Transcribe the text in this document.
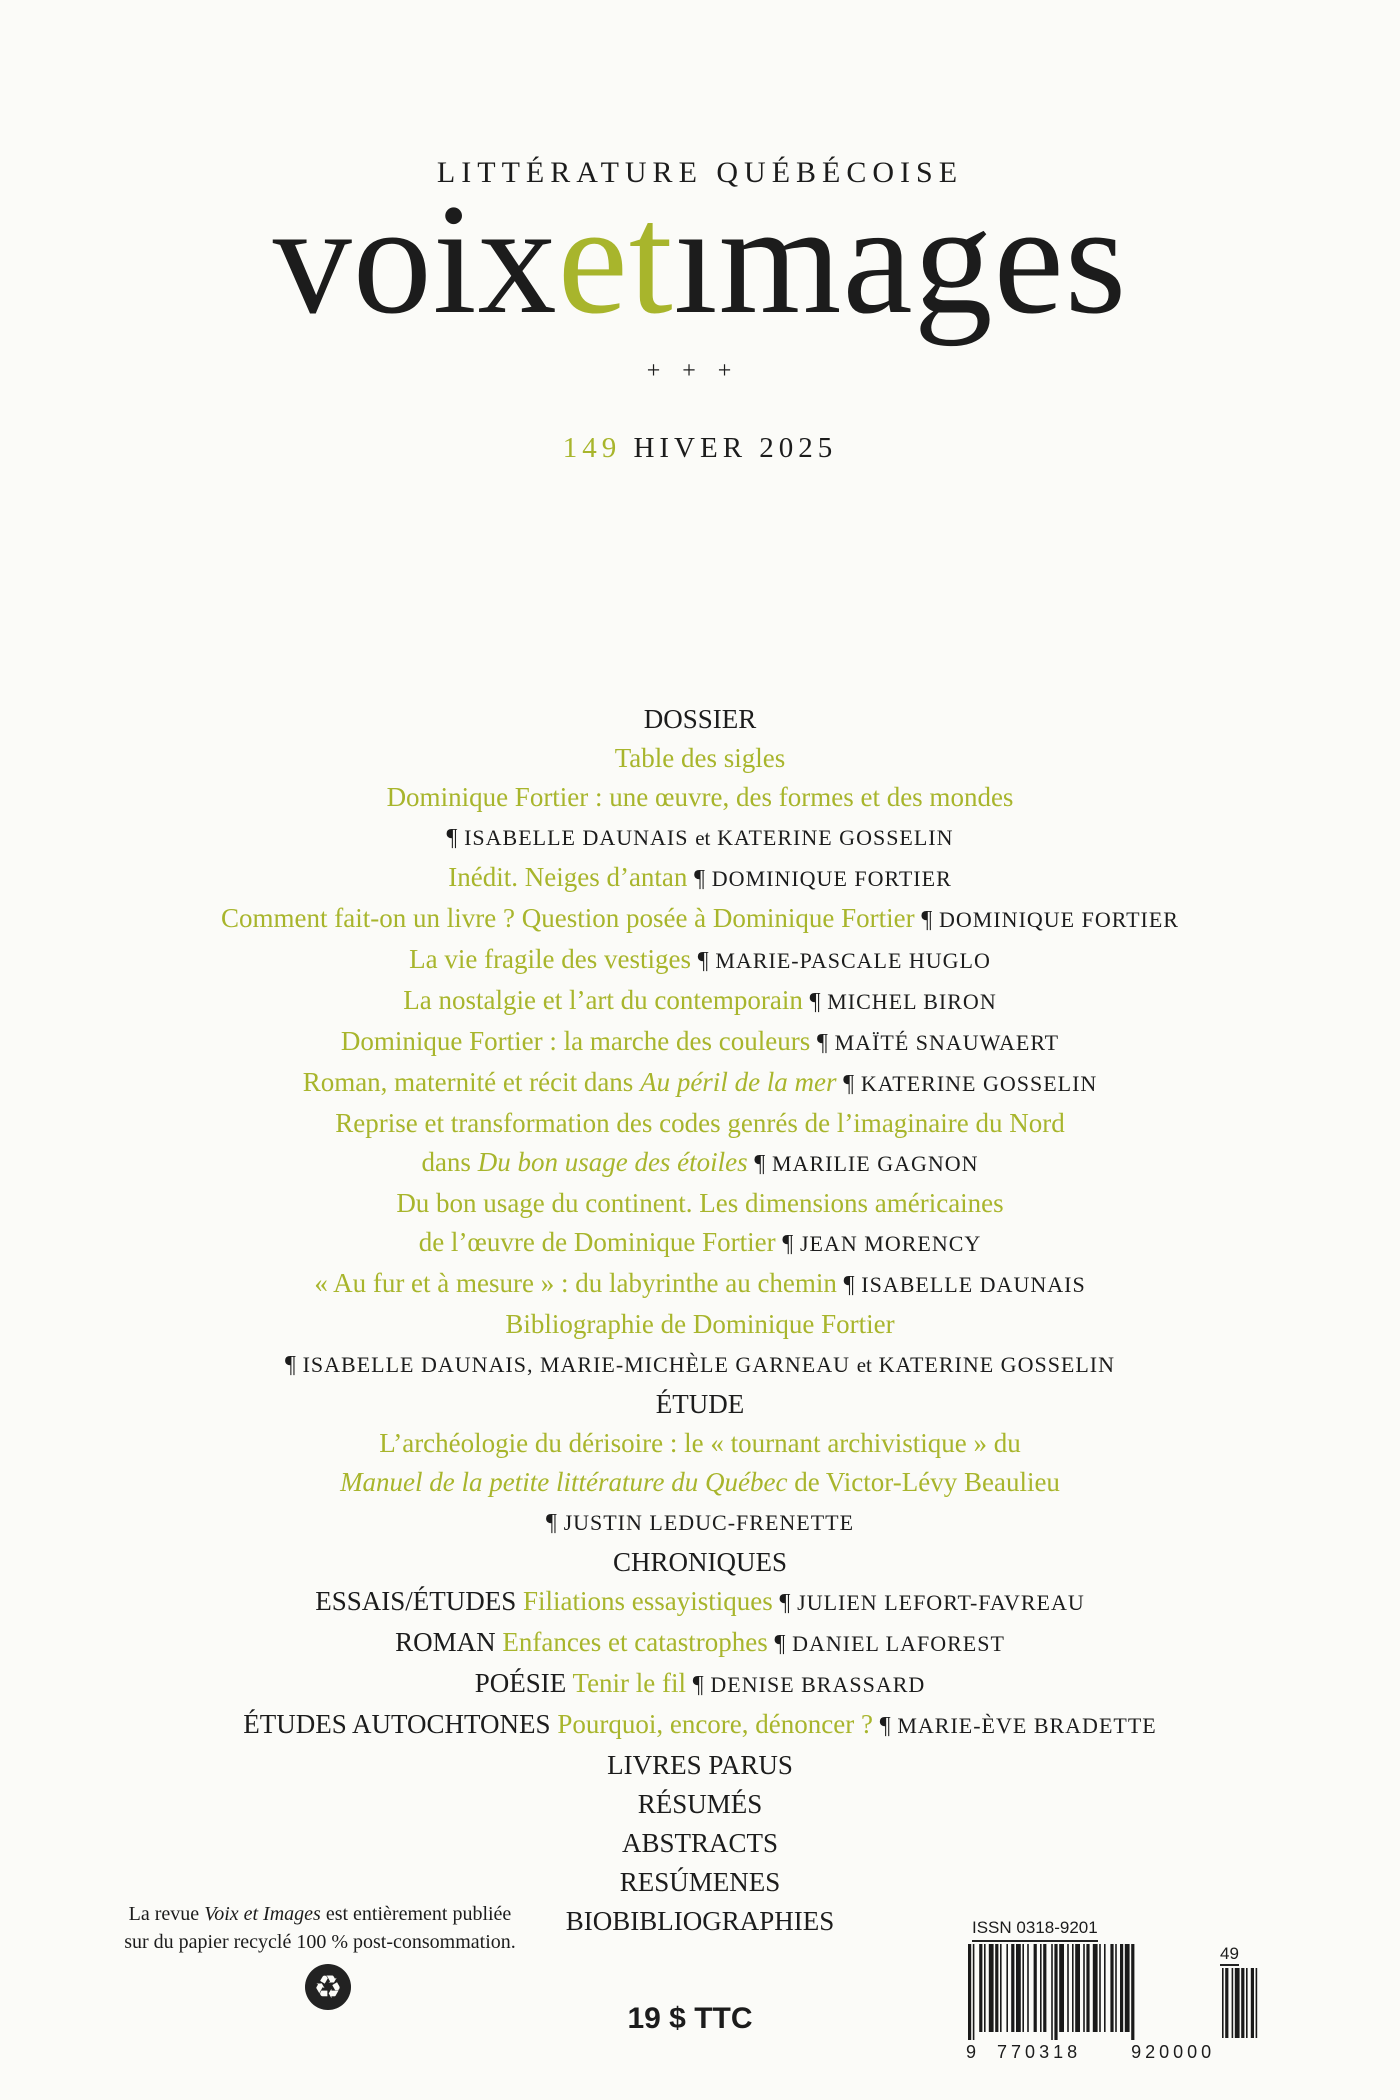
LITTÉRATURE QUÉBÉCOISE
voixetımages
+++
149 HIVER 2025
DOSSIER
Table des sigles
Dominique Fortier : une œuvre, des formes et des mondes
¶ ISABELLE DAUNAIS et KATERINE GOSSELIN
Inédit. Neiges d’antan ¶ DOMINIQUE FORTIER
Comment fait-on un livre ? Question posée à Dominique Fortier ¶ DOMINIQUE FORTIER
La vie fragile des vestiges ¶ MARIE-PASCALE HUGLO
La nostalgie et l’art du contemporain ¶ MICHEL BIRON
Dominique Fortier : la marche des couleurs ¶ MAÏTÉ SNAUWAERT
Roman, maternité et récit dans Au péril de la mer ¶ KATERINE GOSSELIN
Reprise et transformation des codes genrés de l’imaginaire du Nord
dans Du bon usage des étoiles ¶ MARILIE GAGNON
Du bon usage du continent. Les dimensions américaines
de l’œuvre de Dominique Fortier ¶ JEAN MORENCY
« Au fur et à mesure » : du labyrinthe au chemin ¶ ISABELLE DAUNAIS
Bibliographie de Dominique Fortier
¶ ISABELLE DAUNAIS, MARIE-MICHÈLE GARNEAU et KATERINE GOSSELIN
ÉTUDE
L’archéologie du dérisoire : le « tournant archivistique » du
Manuel de la petite littérature du Québec de Victor-Lévy Beaulieu
¶ JUSTIN LEDUC-FRENETTE
CHRONIQUES
ESSAIS/ÉTUDES Filiations essayistiques ¶ JULIEN LEFORT-FAVREAU
ROMAN Enfances et catastrophes ¶ DANIEL LAFOREST
POÉSIE Tenir le fil ¶ DENISE BRASSARD
ÉTUDES AUTOCHTONES Pourquoi, encore, dénoncer ? ¶ MARIE-ÈVE BRADETTE
LIVRES PARUS
RÉSUMÉS
ABSTRACTS
RESÚMENES
BIOBIBLIOGRAPHIES
La revue Voix et Images est entièrement publiée sur du papier recyclé 100 % post-consommation.
♻
19 $ TTC
ISSN 0318-9201
49
9 770318	920000
